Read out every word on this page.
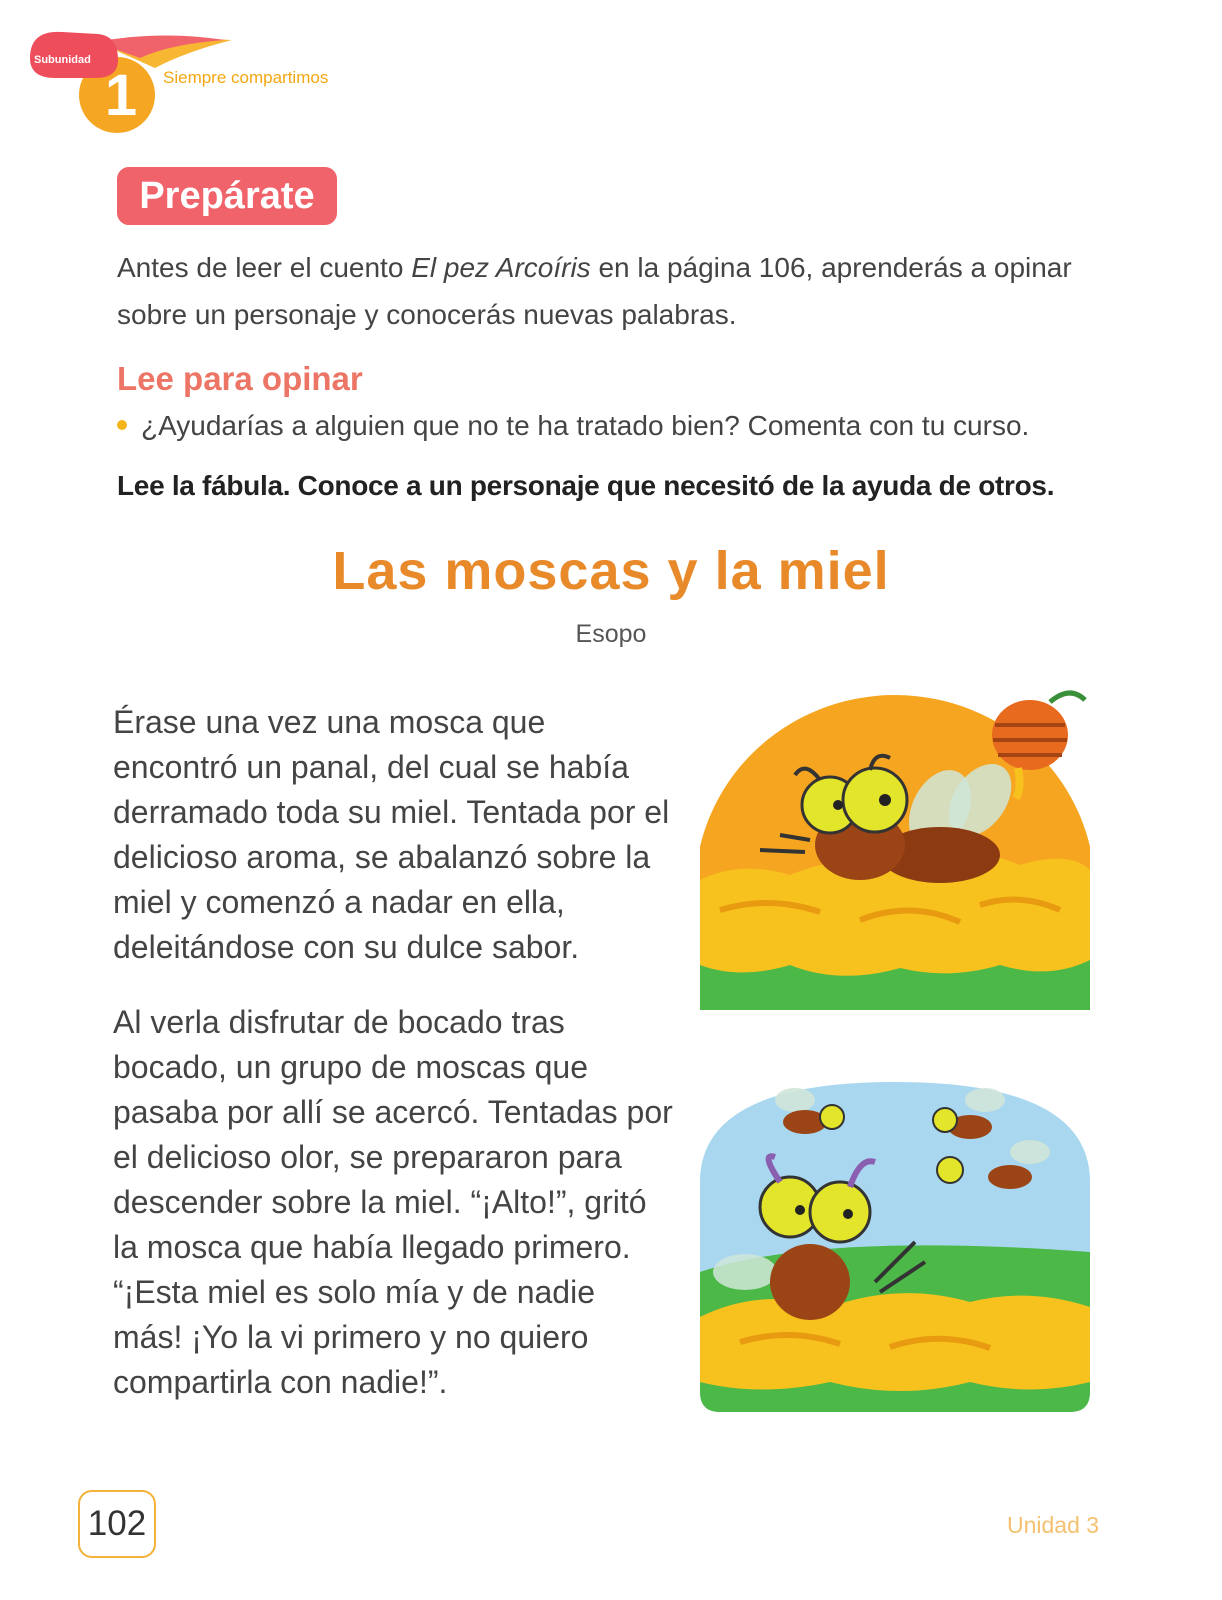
Subunidad
1	Siempre compartimos
Prepárate
Antes de leer el cuento El pez Arcoíris en la página 106, aprenderás a opinar sobre un personaje y conocerás nuevas palabras.
Lee para opinar
¿Ayudarías a alguien que no te ha tratado bien? Comenta con tu curso.
Lee la fábula. Conoce a un personaje que necesitó de la ayuda de otros.
Las moscas y la miel
Esopo

Érase una vez una mosca que encontró un panal, del cual se había derramado toda su miel. Tentada por el delicioso aroma, se abalanzó sobre la miel y comenzó a nadar en ella, deleitándose con su dulce sabor.

Al verla disfrutar de bocado tras bocado, un grupo de moscas que pasaba por allí se acercó. Tentadas por el delicioso olor, se prepararon para descender sobre la miel. “¡Alto!”, gritó la mosca que había llegado primero. “¡Esta miel es solo mía y de nadie más! ¡Yo la vi primero y no quiero compartirla con nadie!”.

102	Unidad 3
